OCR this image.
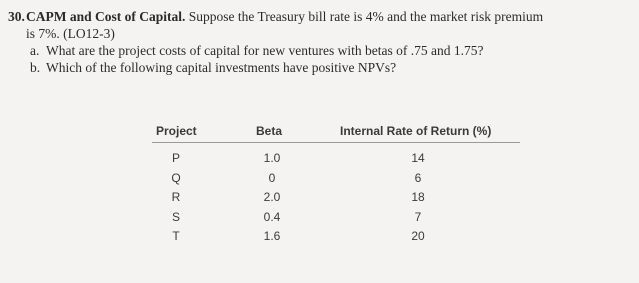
30.CAPM and Cost of Capital. Suppose the Treasury bill rate is 4% and the market risk premium
is 7%. (LO12-3)
a. What are the project costs of capital for new ventures with betas of .75 and 1.75?
b. Which of the following capital investments have positive NPVs?
Project	Beta	Internal Rate of Return (%)
P	1.0	14
Q	0	6
R	2.0	18
S	0.4	7
T	1.6	20
